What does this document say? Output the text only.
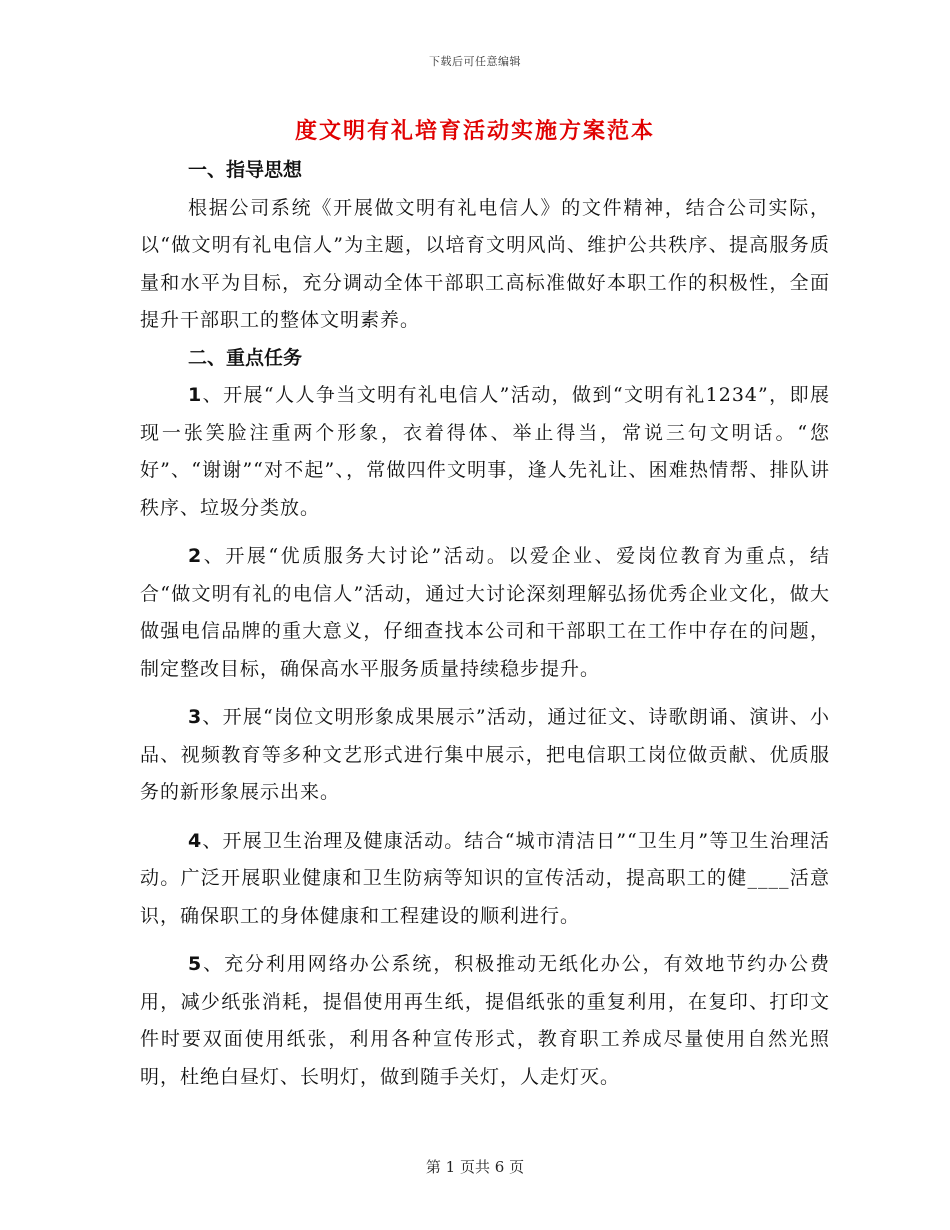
下载后可任意编辑
度文明有礼培育活动实施方案范本

一、指导思想

根据公司系统《开展做文明有礼电信人》的文件精神，结合公司实际，以“做文明有礼电信人”为主题，以培育文明风尚、维护公共秩序、提高服务质量和水平为目标，充分调动全体干部职工高标准做好本职工作的积极性，全面提升干部职工的整体文明素养。

二、重点任务

1、开展“人人争当文明有礼电信人”活动，做到“文明有礼1234”，即展现一张笑脸注重两个形象，衣着得体、举止得当，常说三句文明话。“您好”、“谢谢”“对不起”、，常做四件文明事，逢人先礼让、困难热情帮、排队讲秩序、垃圾分类放。

2、开展“优质服务大讨论”活动。以爱企业、爱岗位教育为重点，结合“做文明有礼的电信人”活动，通过大讨论深刻理解弘扬优秀企业文化，做大做强电信品牌的重大意义，仔细查找本公司和干部职工在工作中存在的问题，制定整改目标，确保高水平服务质量持续稳步提升。

3、开展“岗位文明形象成果展示”活动，通过征文、诗歌朗诵、演讲、小品、视频教育等多种文艺形式进行集中展示，把电信职工岗位做贡献、优质服务的新形象展示出来。

4、开展卫生治理及健康活动。结合“城市清洁日”“卫生月”等卫生治理活动。广泛开展职业健康和卫生防病等知识的宣传活动，提高职工的健____活意识，确保职工的身体健康和工程建设的顺利进行。

5、充分利用网络办公系统，积极推动无纸化办公，有效地节约办公费用，减少纸张消耗，提倡使用再生纸，提倡纸张的重复利用，在复印、打印文件时要双面使用纸张，利用各种宣传形式，教育职工养成尽量使用自然光照明，杜绝白昼灯、长明灯，做到随手关灯，人走灯灭。

第 1 页共 6 页
